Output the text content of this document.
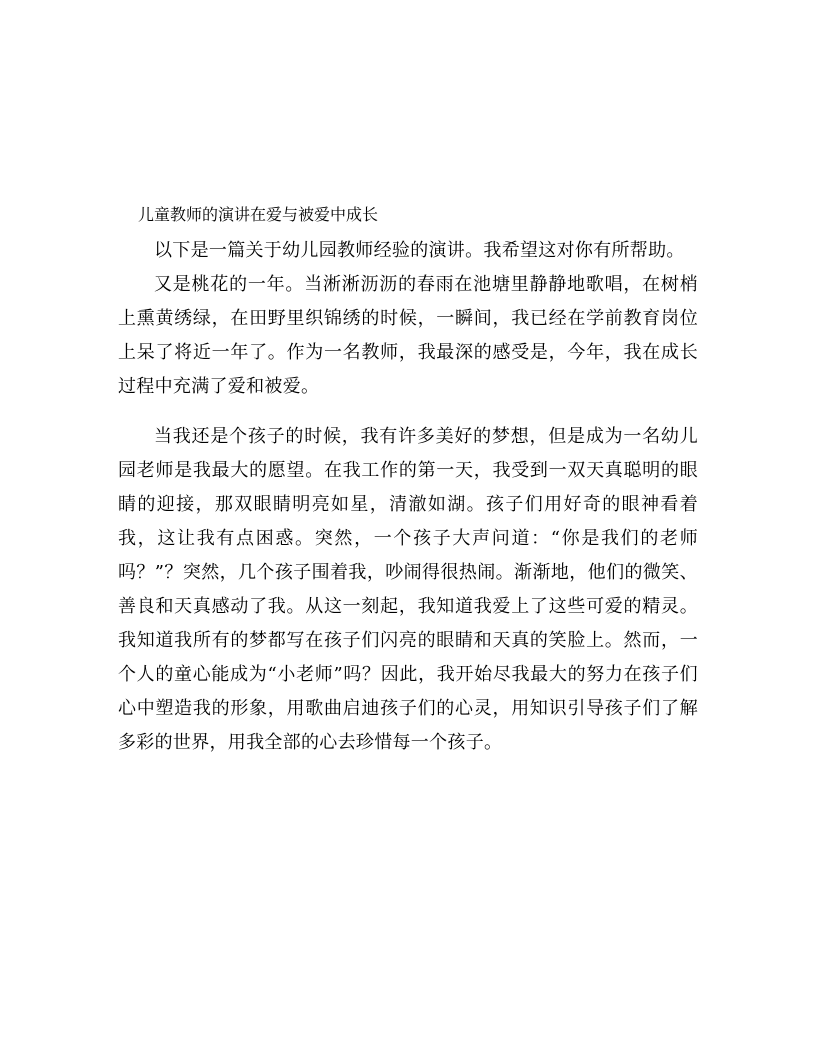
儿童教师的演讲在爱与被爱中成长

以下是一篇关于幼儿园教师经验的演讲。我希望这对你有所帮助。

又是桃花的一年。当淅淅沥沥的春雨在池塘里静静地歌唱，在树梢上熏黄绣绿，在田野里织锦绣的时候，一瞬间，我已经在学前教育岗位上呆了将近一年了。作为一名教师，我最深的感受是，今年，我在成长过程中充满了爱和被爱。

当我还是个孩子的时候，我有许多美好的梦想，但是成为一名幼儿园老师是我最大的愿望。在我工作的第一天，我受到一双天真聪明的眼睛的迎接，那双眼睛明亮如星，清澈如湖。孩子们用好奇的眼神看着我，这让我有点困惑。突然，一个孩子大声问道：“你是我们的老师吗？”？突然，几个孩子围着我，吵闹得很热闹。渐渐地，他们的微笑、善良和天真感动了我。从这一刻起，我知道我爱上了这些可爱的精灵。我知道我所有的梦都写在孩子们闪亮的眼睛和天真的笑脸上。然而，一个人的童心能成为“小老师”吗？因此，我开始尽我最大的努力在孩子们心中塑造我的形象，用歌曲启迪孩子们的心灵，用知识引导孩子们了解多彩的世界，用我全部的心去珍惜每一个孩子。
